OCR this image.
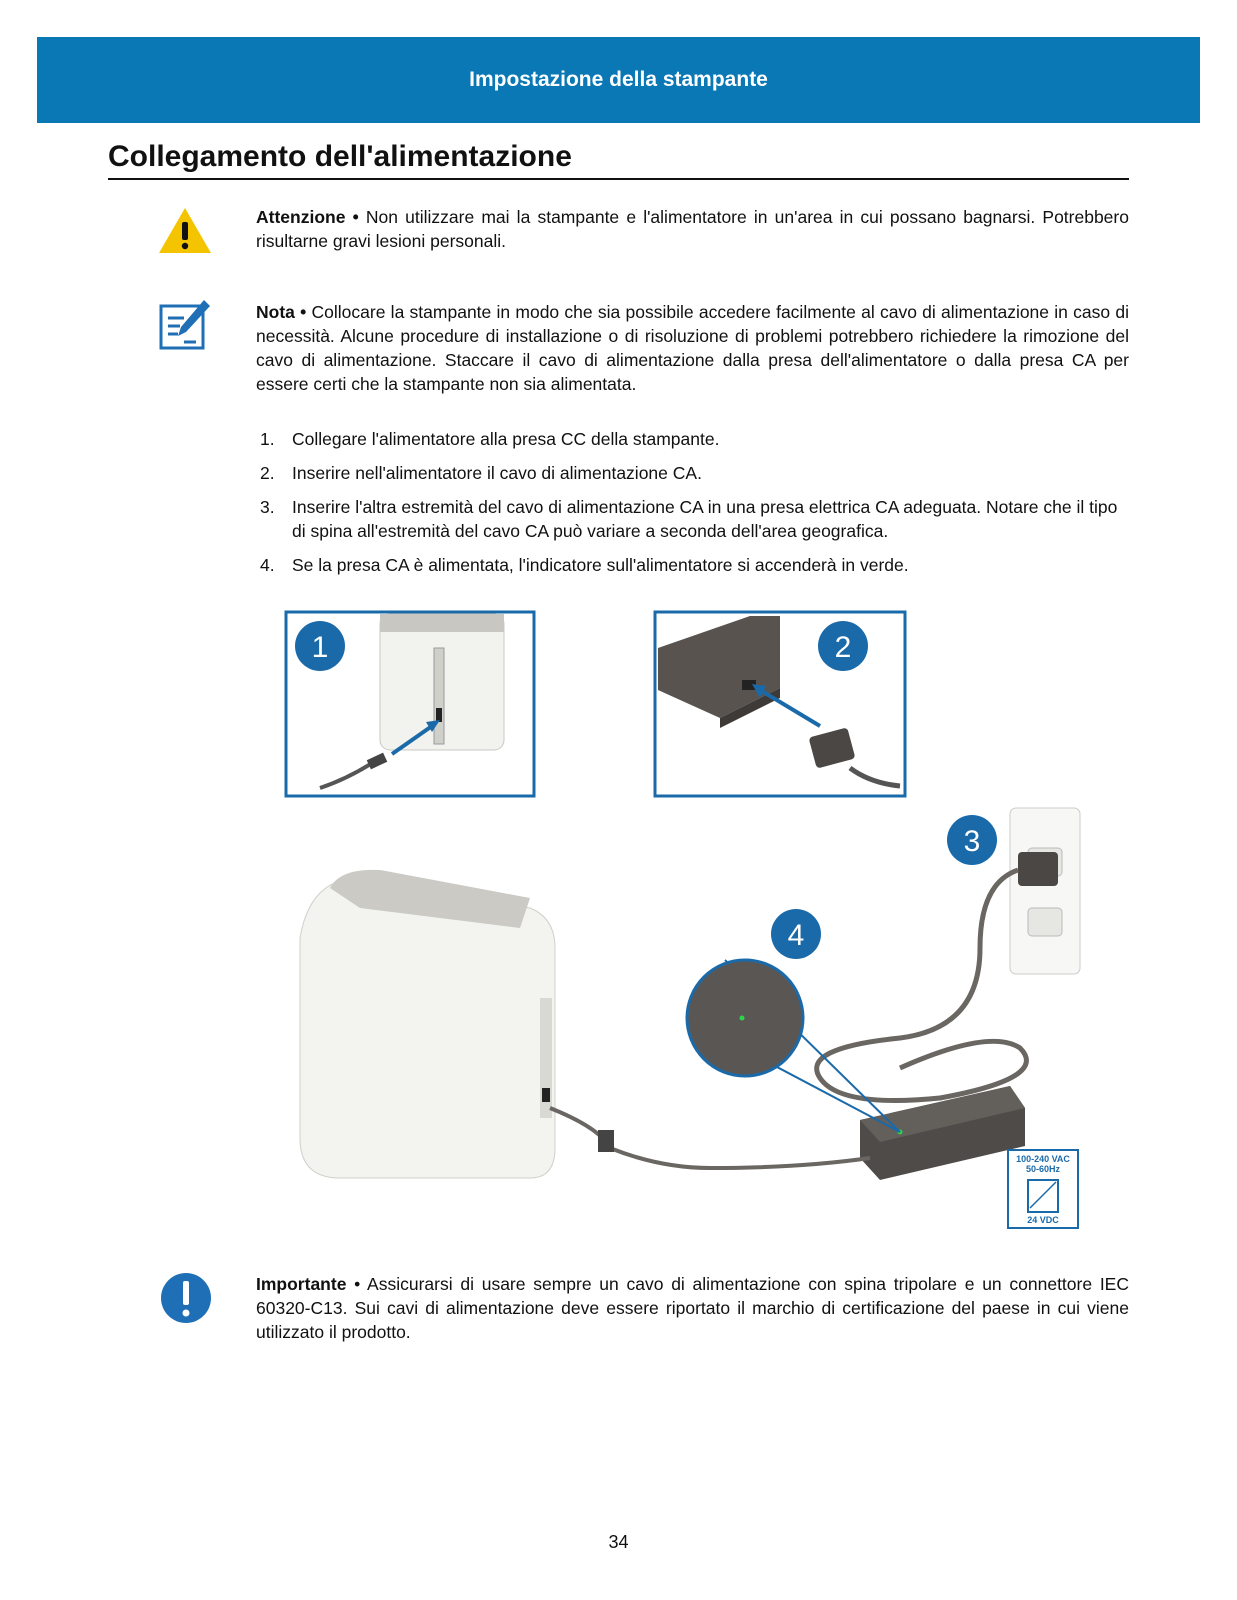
Impostazione della stampante
Collegamento dell'alimentazione
Attenzione • Non utilizzare mai la stampante e l'alimentatore in un'area in cui possano bagnarsi. Potrebbero risultarne gravi lesioni personali.
Nota • Collocare la stampante in modo che sia possibile accedere facilmente al cavo di alimentazione in caso di necessità. Alcune procedure di installazione o di risoluzione di problemi potrebbero richiedere la rimozione del cavo di alimentazione. Staccare il cavo di alimentazione dalla presa dell'alimentatore o dalla presa CA per essere certi che la stampante non sia alimentata.
1. Collegare l'alimentatore alla presa CC della stampante.
2. Inserire nell'alimentatore il cavo di alimentazione CA.
3. Inserire l'altra estremità del cavo di alimentazione CA in una presa elettrica CA adeguata. Notare che il tipo di spina all'estremità del cavo CA può variare a seconda dell'area geografica.
4. Se la presa CA è alimentata, l'indicatore sull'alimentatore si accenderà in verde.
1	2
3
4
100-240 VAC
50-60Hz
24 VDC
Importante • Assicurarsi di usare sempre un cavo di alimentazione con spina tripolare e un connettore IEC 60320-C13. Sui cavi di alimentazione deve essere riportato il marchio di certificazione del paese in cui viene utilizzato il prodotto.
34
